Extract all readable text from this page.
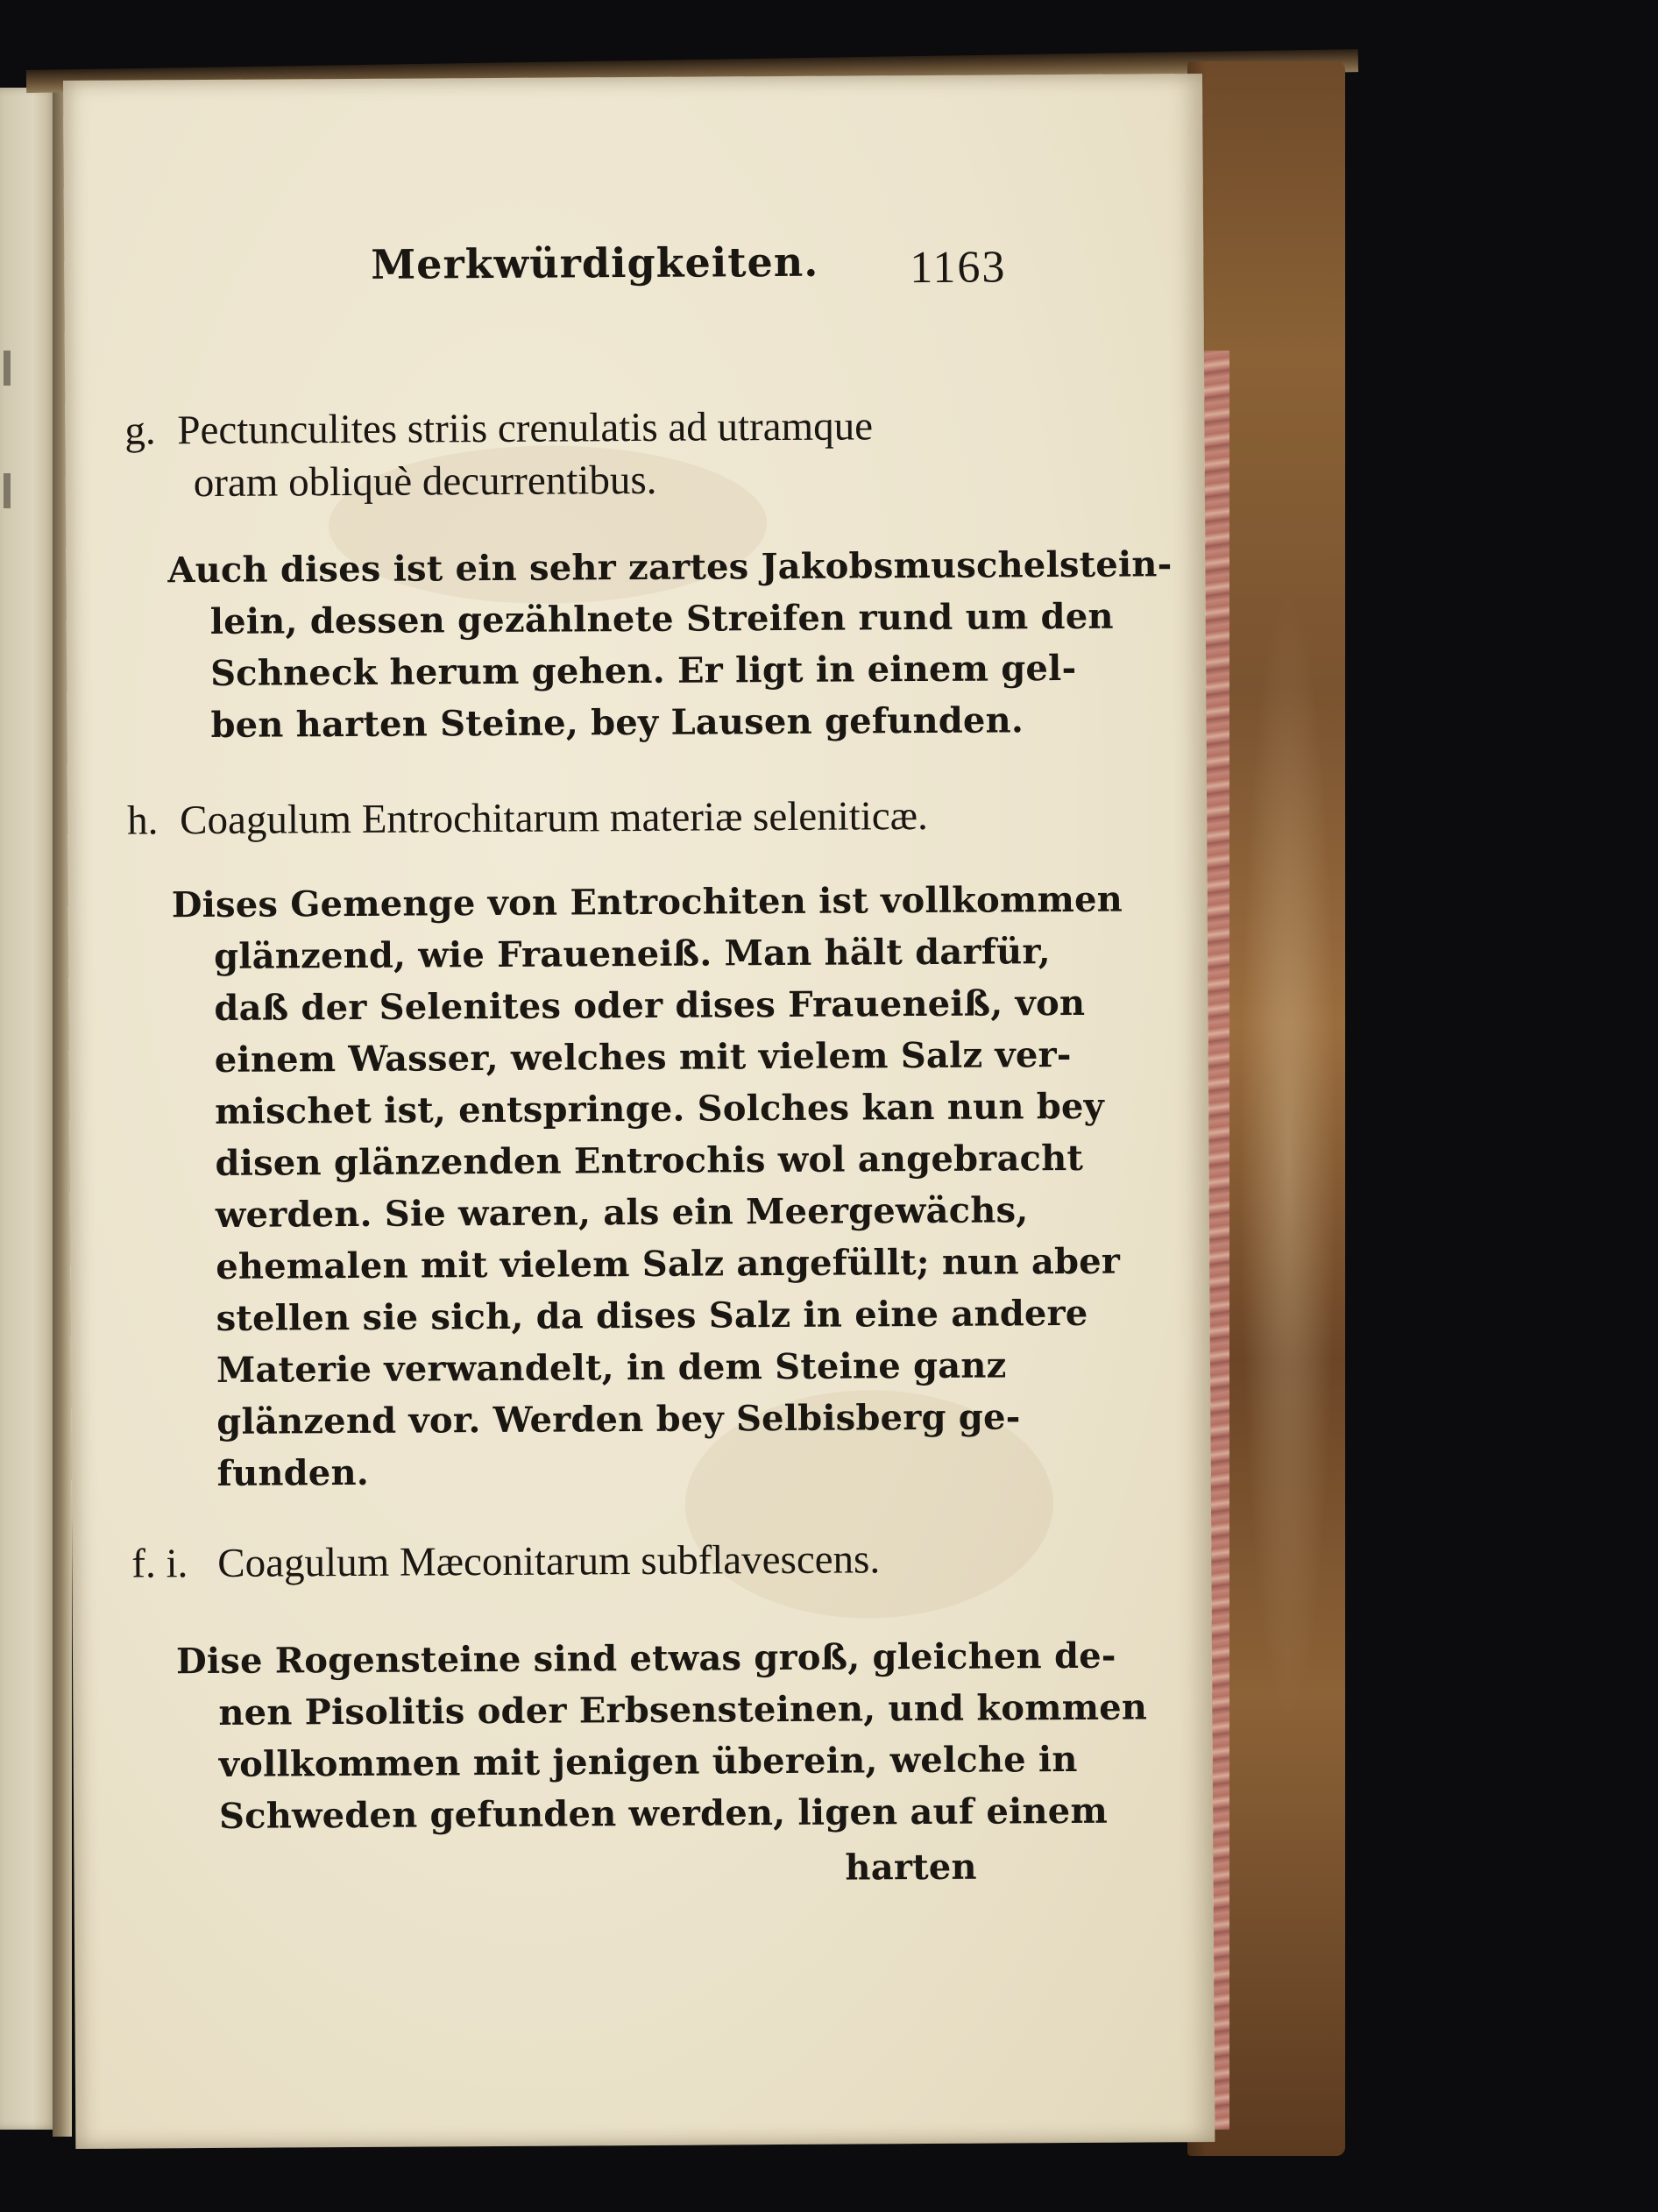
Merkwürdigkeiten. 1163
g. Pectunculites striis crenulatis ad utramque
oram obliquè decurrentibus.
Auch dises ist ein sehr zartes Jakobsmuschelstein-
lein, dessen gezählnete Streifen rund um den
Schneck herum gehen. Er ligt in einem gel-
ben harten Steine, bey Lausen gefunden.
h. Coagulum Entrochitarum materiæ seleniticæ.
Dises Gemenge von Entrochiten ist vollkommen
glänzend, wie Fraueneiß. Man hält darfür,
daß der Selenites oder dises Fraueneiß, von
einem Wasser, welches mit vielem Salz ver-
mischet ist, entspringe. Solches kan nun bey
disen glänzenden Entrochis wol angebracht
werden. Sie waren, als ein Meergewächs,
ehemalen mit vielem Salz angefüllt; nun aber
stellen sie sich, da dises Salz in eine andere
Materie verwandelt, in dem Steine ganz
glänzend vor. Werden bey Selbisberg ge-
funden.
f. i. Coagulum Mæconitarum subflavescens.
Dise Rogensteine sind etwas groß, gleichen de-
nen Pisolitis oder Erbsensteinen, und kommen
vollkommen mit jenigen überein, welche in
Schweden gefunden werden, ligen auf einem
harten
